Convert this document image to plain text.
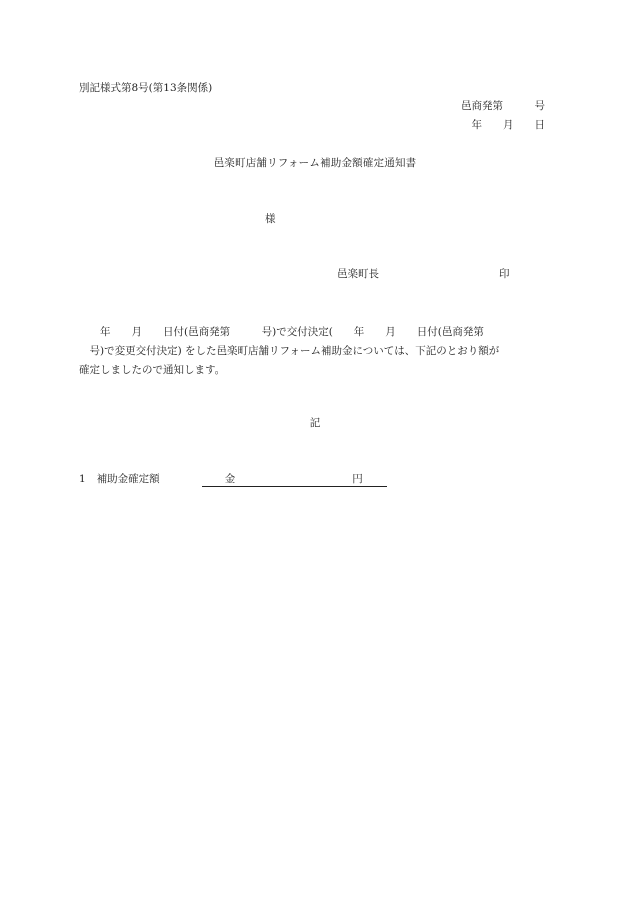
別記様式第8号(第13条関係)
邑商発第　　　号
年　　月　　日
邑楽町店舗リフォーム補助金額確定通知書
様
邑楽町長	印
　　年　　月　　日付(邑商発第　　　号)で交付決定(　　年　　月　　日付(邑商発第
　号)で変更交付決定) をした邑楽町店舗リフォーム補助金については、下記のとおり額が
確定しましたので通知します。
記
1 補助金確定額	金	円
